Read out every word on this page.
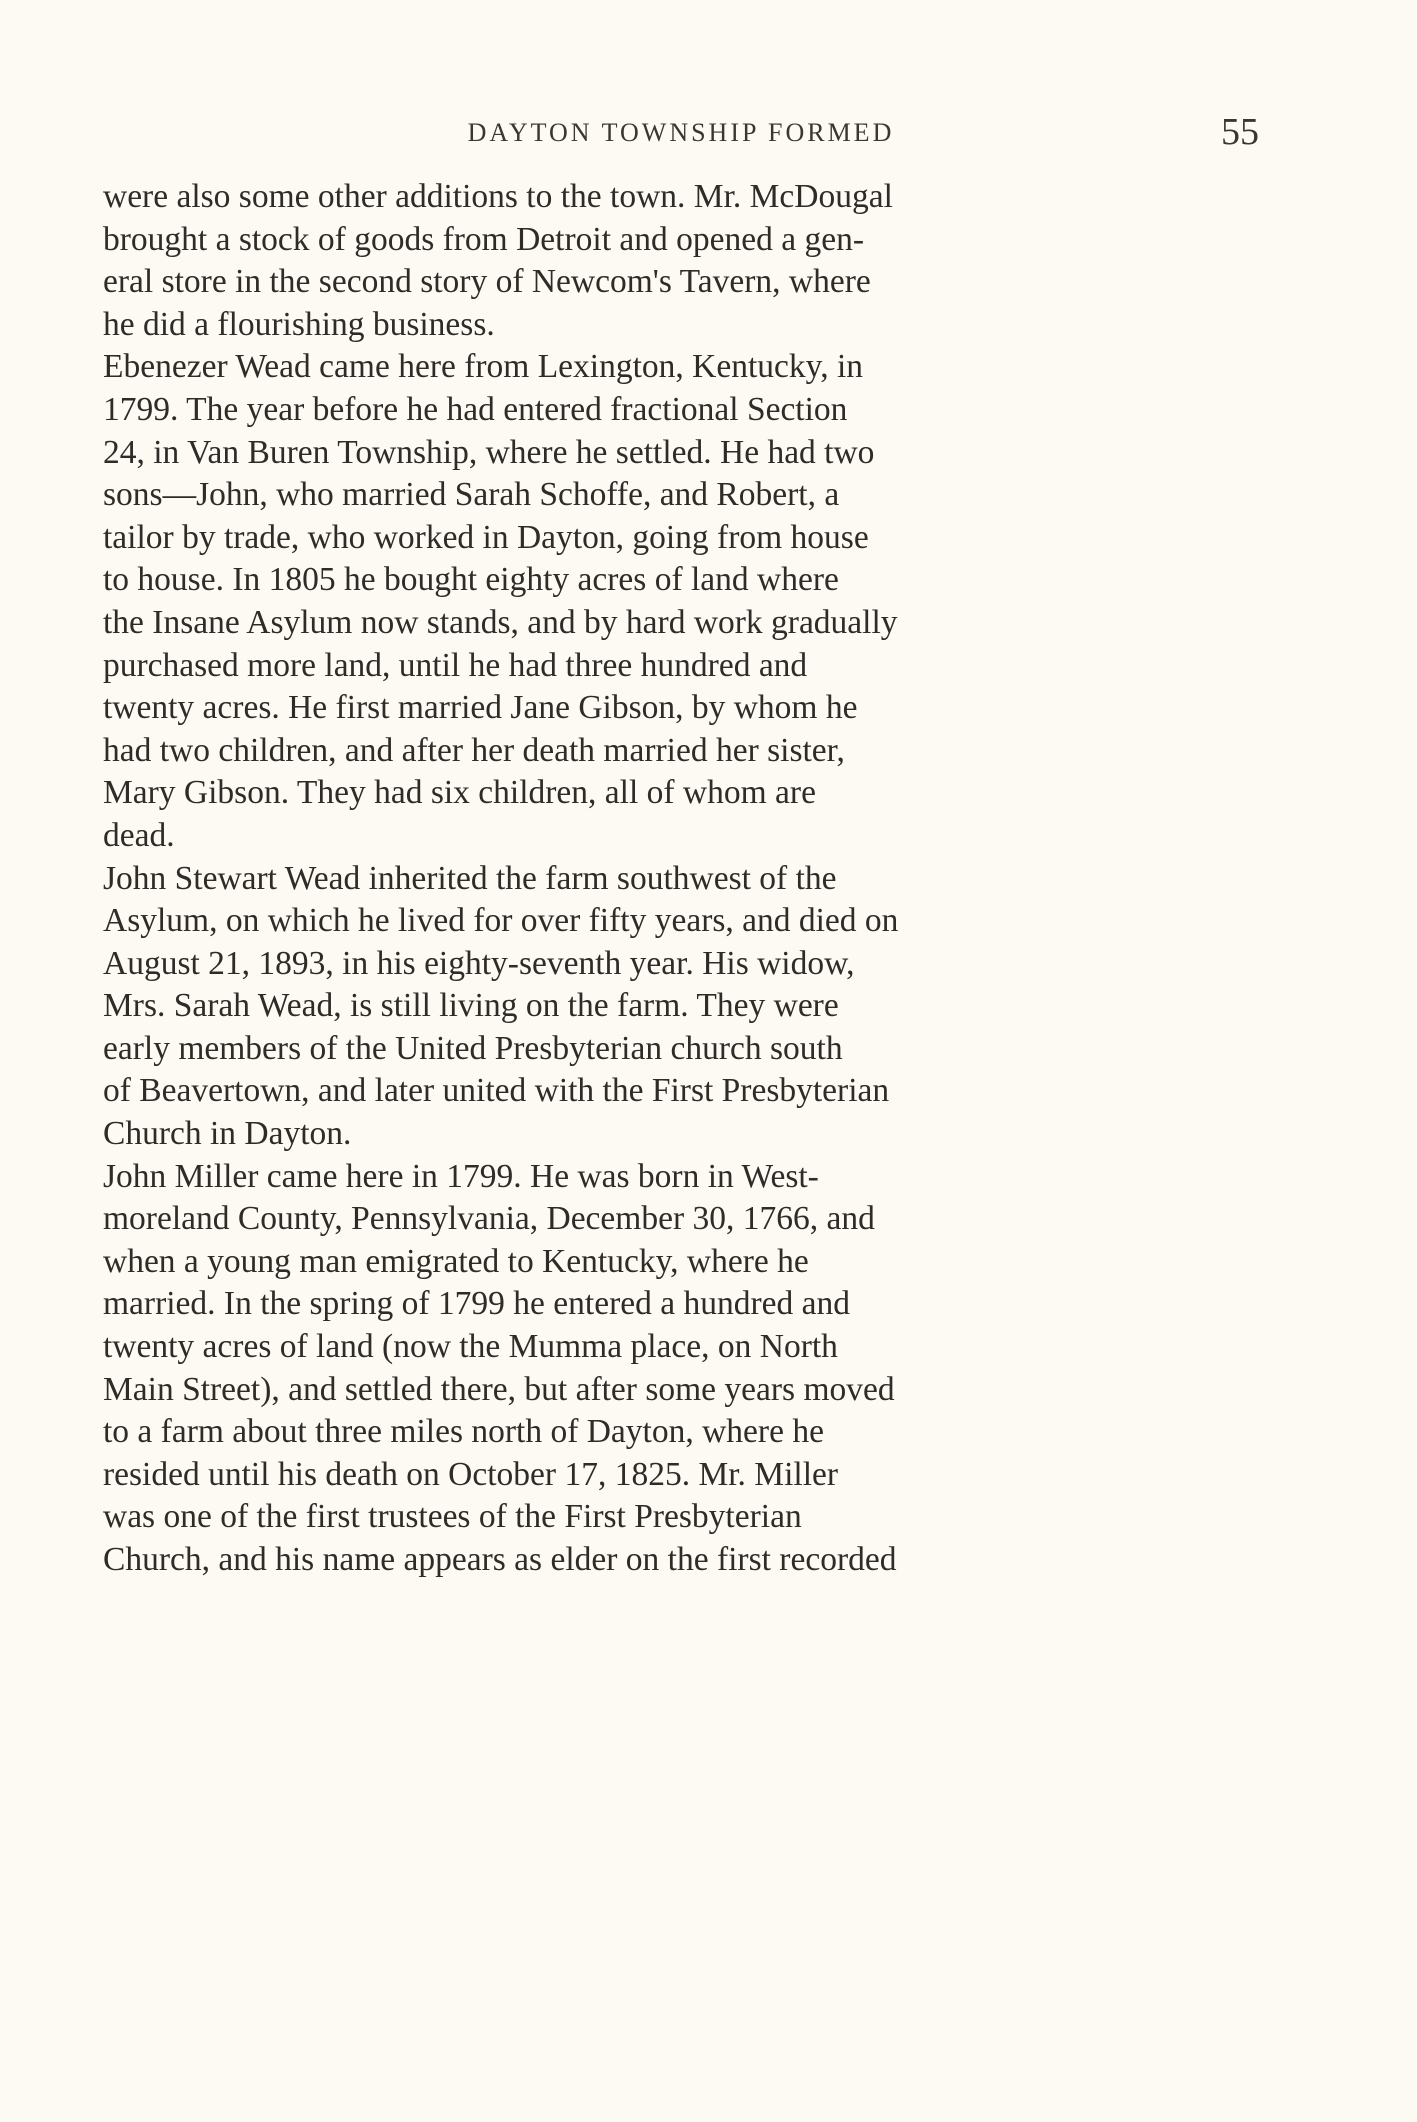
DAYTON TOWNSHIP FORMED	55
were also some other additions to the town. Mr. McDougal
brought a stock of goods from Detroit and opened a gen-
eral store in the second story of Newcom's Tavern, where
he did a flourishing business.
Ebenezer Wead came here from Lexington, Kentucky, in
1799. The year before he had entered fractional Section
24, in Van Buren Township, where he settled. He had two
sons—John, who married Sarah Schoffe, and Robert, a
tailor by trade, who worked in Dayton, going from house
to house. In 1805 he bought eighty acres of land where
the Insane Asylum now stands, and by hard work gradually
purchased more land, until he had three hundred and
twenty acres. He first married Jane Gibson, by whom he
had two children, and after her death married her sister,
Mary Gibson. They had six children, all of whom are
dead.
John Stewart Wead inherited the farm southwest of the
Asylum, on which he lived for over fifty years, and died on
August 21, 1893, in his eighty-seventh year. His widow,
Mrs. Sarah Wead, is still living on the farm. They were
early members of the United Presbyterian church south
of Beavertown, and later united with the First Presbyterian
Church in Dayton.
John Miller came here in 1799. He was born in West-
moreland County, Pennsylvania, December 30, 1766, and
when a young man emigrated to Kentucky, where he
married. In the spring of 1799 he entered a hundred and
twenty acres of land (now the Mumma place, on North
Main Street), and settled there, but after some years moved
to a farm about three miles north of Dayton, where he
resided until his death on October 17, 1825. Mr. Miller
was one of the first trustees of the First Presbyterian
Church, and his name appears as elder on the first recorded
